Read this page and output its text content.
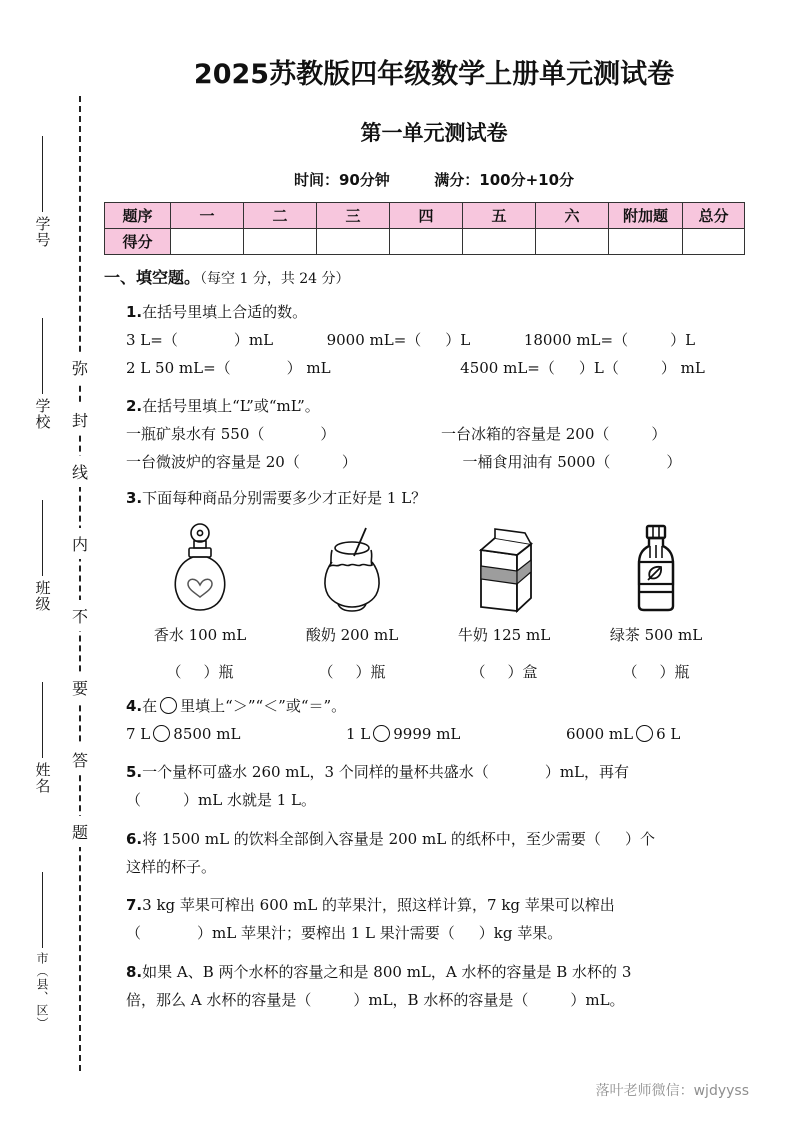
弥
封
线
内
不
要
答
题
学号
学校
班级
姓名
市（县、区）
2025苏教版四年级数学上册单元测试卷
第一单元测试卷
时间：90分钟	满分：100分+10分
题序	一	二	三	四	五	六	附加题	总分
得分								
一、填空题。（每空 1 分，共 24 分）
1.在括号里填上合适的数。
3 L=（	）mL	9000 mL=（ ）L	18000 mL=（	）L
2 L 50 mL=（	） mL	4500 mL=（ ）L（	） mL
2.在括号里填上“L”或“mL”。
一瓶矿泉水有 550（	）	一台冰箱的容量是 200（	）
一台微波炉的容量是 20（	）	一桶食用油有 5000（	）
3.下面每种商品分别需要多少才正好是 1 L？
香水 100 mL
（ ）瓶
酸奶 200 mL
（ ）瓶
牛奶 125 mL
（ ）盒
绿茶 500 mL
（ ）瓶
4.在 里填上“＞”“＜”或“＝”。
7 L 8500 mL	1 L 9999 mL	6000 mL 6 L
5.一个量杯可盛水 260 mL，3 个同样的量杯共盛水（	）mL，再有
（	）mL 水就是 1 L。
6.将 1500 mL 的饮料全部倒入容量是 200 mL 的纸杯中，至少需要（ ）个
这样的杯子。
7.3 kg 苹果可榨出 600 mL 的苹果汁，照这样计算，7 kg 苹果可以榨出
（	）mL 苹果汁；要榨出 1 L 果汁需要（ ）kg 苹果。
8.如果 A、B 两个水杯的容量之和是 800 mL，A 水杯的容量是 B 水杯的 3
倍，那么 A 水杯的容量是（	）mL，B 水杯的容量是（	）mL。
落叶老师微信：wjdyyss
